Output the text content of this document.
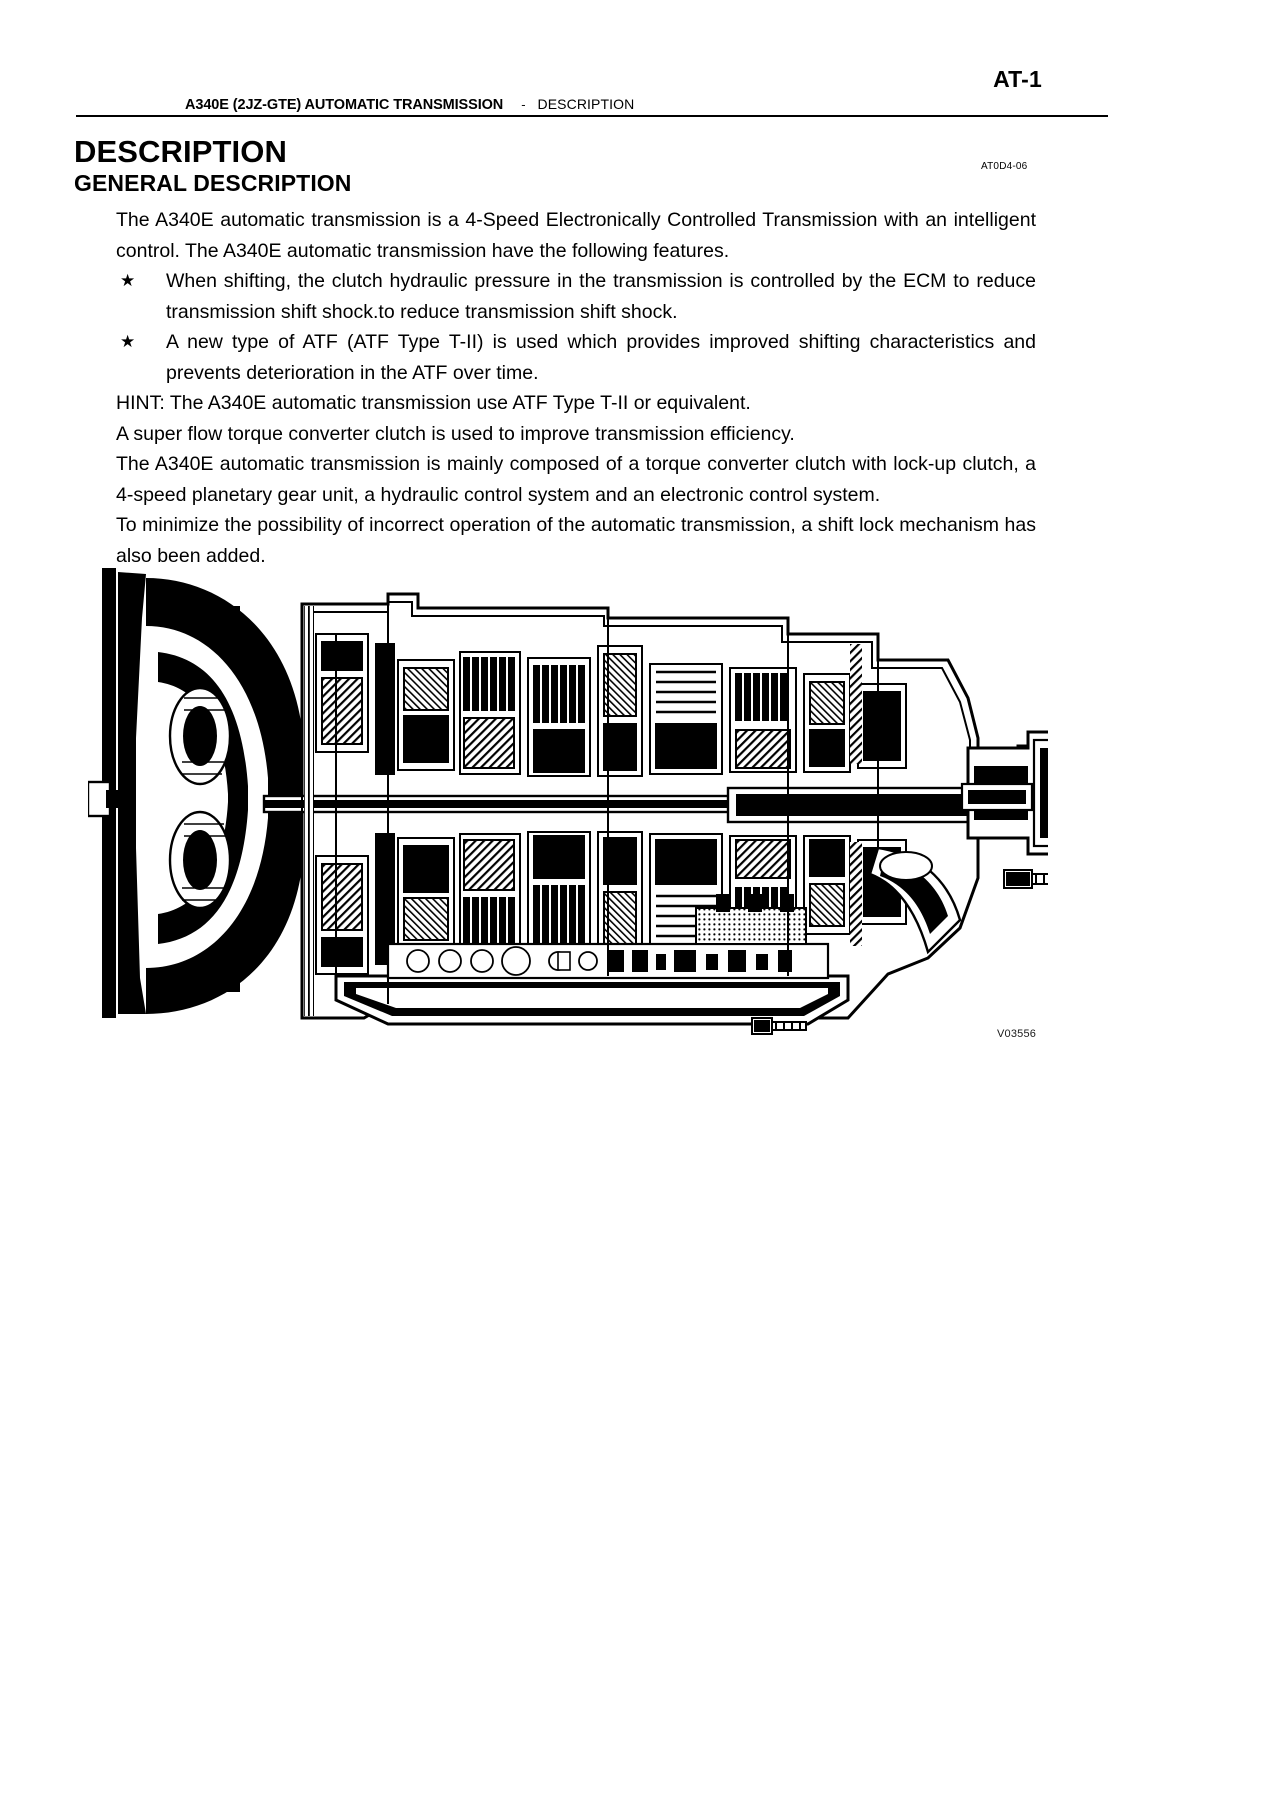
AT-1
A340E (2JZ-GTE) AUTOMATIC TRANSMISSION - DESCRIPTION
DESCRIPTION
GENERAL DESCRIPTION
AT0D4-06

The A340E automatic transmission is a 4-Speed Electronically Controlled Transmission with an intelligent control. The A340E automatic transmission have the following features.

★	When shifting, the clutch hydraulic pressure in the transmission is controlled by the ECM to reduce transmission shift shock.to reduce transmission shift shock.
★	A new type of ATF (ATF Type T-II) is used which provides improved shifting characteristics and prevents deterioration in the ATF over time.

HINT: The A340E automatic transmission use ATF Type T-II or equivalent.

A super flow torque converter clutch is used to improve transmission efficiency.

The A340E automatic transmission is mainly composed of a torque converter clutch with lock-up clutch, a 4-speed planetary gear unit, a hydraulic control system and an electronic control system.

To minimize the possibility of incorrect operation of the automatic transmission, a shift lock mechanism has also been added.

V03556
